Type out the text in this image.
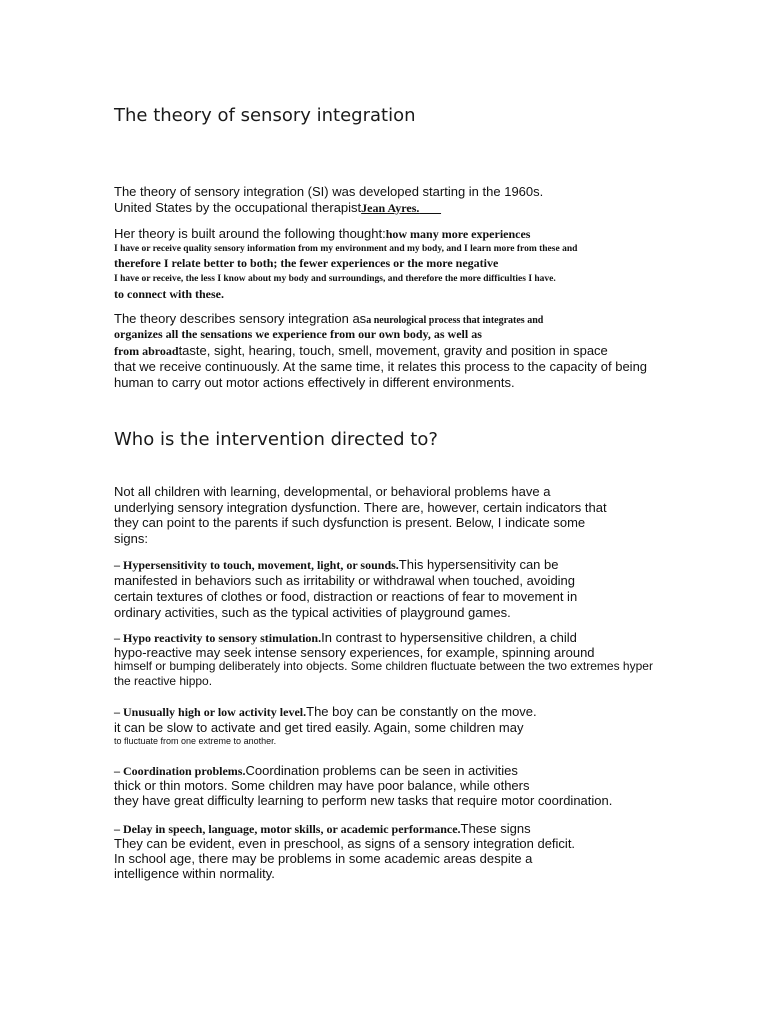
The theory of sensory integration

The theory of sensory integration (SI) was developed starting in the 1960s.

United States by the occupational therapistJean Ayres.

Her theory is built around the following thought:how many more experiences

I have or receive quality sensory information from my environment and my body, and I learn more from these and

therefore I relate better to both; the fewer experiences or the more negative

I have or receive, the less I know about my body and surroundings, and therefore the more difficulties I have.

to connect with these.

The theory describes sensory integration asa neurological process that integrates and

organizes all the sensations we experience from our own body, as well as

from abroadtaste, sight, hearing, touch, smell, movement, gravity and position in space

that we receive continuously. At the same time, it relates this process to the capacity of being

human to carry out motor actions effectively in different environments.

Who is the intervention directed to?

Not all children with learning, developmental, or behavioral problems have a

underlying sensory integration dysfunction. There are, however, certain indicators that

they can point to the parents if such dysfunction is present. Below, I indicate some

signs:

– Hypersensitivity to touch, movement, light, or sounds.This hypersensitivity can be

manifested in behaviors such as irritability or withdrawal when touched, avoiding

certain textures of clothes or food, distraction or reactions of fear to movement in

ordinary activities, such as the typical activities of playground games.

– Hypo reactivity to sensory stimulation.In contrast to hypersensitive children, a child

hypo-reactive may seek intense sensory experiences, for example, spinning around

himself or bumping deliberately into objects. Some children fluctuate between the two extremes hyper

the reactive hippo.

– Unusually high or low activity level.The boy can be constantly on the move.

it can be slow to activate and get tired easily. Again, some children may

to fluctuate from one extreme to another.

– Coordination problems.Coordination problems can be seen in activities

thick or thin motors. Some children may have poor balance, while others

they have great difficulty learning to perform new tasks that require motor coordination.

– Delay in speech, language, motor skills, or academic performance.These signs

They can be evident, even in preschool, as signs of a sensory integration deficit.

In school age, there may be problems in some academic areas despite a

intelligence within normality.
